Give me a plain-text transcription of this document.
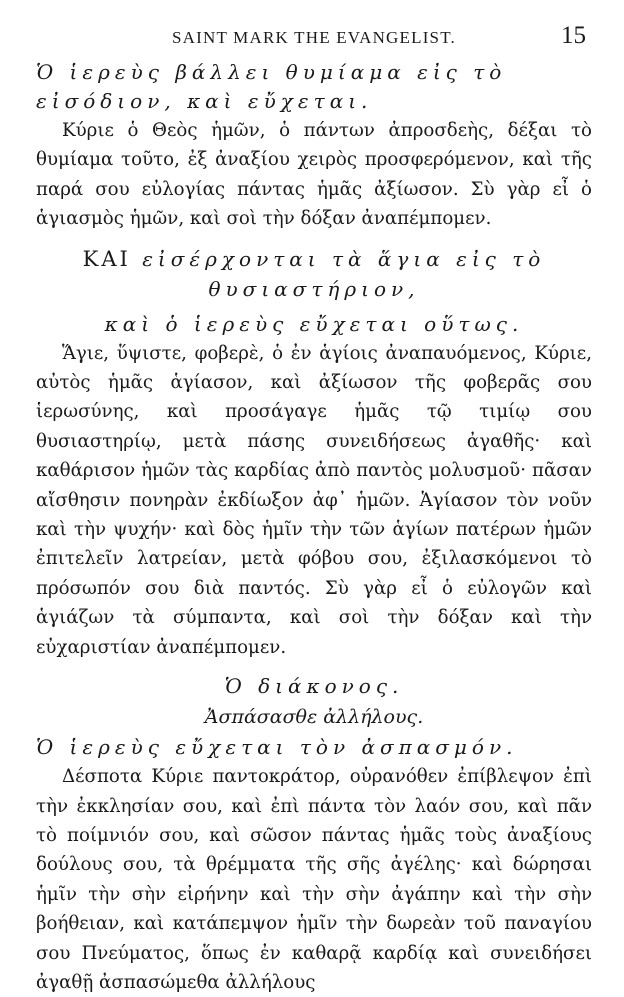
SAINT MARK THE EVANGELIST.	15

Ὁ ἱερεὺς βάλλει θυμίαμα εἰς τὸ εἰσόδιον, καὶ εὔχεται.

Κύριε ὁ Θεὸς ἡμῶν, ὁ πάντων ἀπροσδεὴς, δέξαι τὸ θυμίαμα τοῦτο, ἐξ ἀναξίου χειρὸς προσφερόμενον, καὶ τῆς παρά σου εὐλογίας πάντας ἡμᾶς ἀξίωσον. Σὺ γὰρ εἶ ὁ ἁγιασμὸς ἡμῶν, καὶ σοὶ τὴν δόξαν ἀναπέμπομεν.

ΚΑΙ εἰσέρχονται τὰ ἅγια εἰς τὸ θυσιαστήριον,

καὶ ὁ ἱερεὺς εὔχεται οὕτως.

Ἅγιε, ὕψιστε, φοβερὲ, ὁ ἐν ἁγίοις ἀναπαυόμενος, Κύριε, αὐτὸς ἡμᾶς ἁγίασον, καὶ ἀξίωσον τῆς φοβερᾶς σου ἱερωσύνης, καὶ προσάγαγε ἡμᾶς τῷ τιμίῳ σου θυσιαστηρίῳ, μετὰ πάσης συνειδήσεως ἀγαθῆς· καὶ καθάρισον ἡμῶν τὰς καρδίας ἀπὸ παντὸς μολυσμοῦ· πᾶσαν αἴσθησιν πονηρὰν ἐκδίωξον ἀφ᾽ ἡμῶν. Ἁγίασον τὸν νοῦν καὶ τὴν ψυχήν· καὶ δὸς ἡμῖν τὴν τῶν ἁγίων πατέρων ἡμῶν ἐπιτελεῖν λατρείαν, μετὰ φόβου σου, ἐξιλασκόμενοι τὸ πρόσωπόν σου διὰ παντός. Σὺ γὰρ εἶ ὁ εὐλογῶν καὶ ἁγιάζων τὰ σύμπαντα, καὶ σοὶ τὴν δόξαν καὶ τὴν εὐχαριστίαν ἀναπέμπομεν.

Ὁ διάκονος.

Ἀσπάσασθε ἀλλήλους.

Ὁ ἱερεὺς εὔχεται τὸν ἀσπασμόν.

Δέσποτα Κύριε παντοκράτορ, οὐρανόθεν ἐπίβλεψον ἐπὶ τὴν ἐκκλησίαν σου, καὶ ἐπὶ πάντα τὸν λαόν σου, καὶ πᾶν τὸ ποίμνιόν σου, καὶ σῶσον πάντας ἡμᾶς τοὺς ἀναξίους δούλους σου, τὰ θρέμματα τῆς σῆς ἀγέλης· καὶ δώρησαι ἡμῖν τὴν σὴν εἰρήνην καὶ τὴν σὴν ἀγάπην καὶ τὴν σὴν βοήθειαν, καὶ κατάπεμψον ἡμῖν τὴν δωρεὰν τοῦ παναγίου σου Πνεύματος, ὅπως ἐν καθαρᾷ καρδίᾳ καὶ συνειδήσει ἀγαθῇ ἀσπασώμεθα ἀλλήλους
